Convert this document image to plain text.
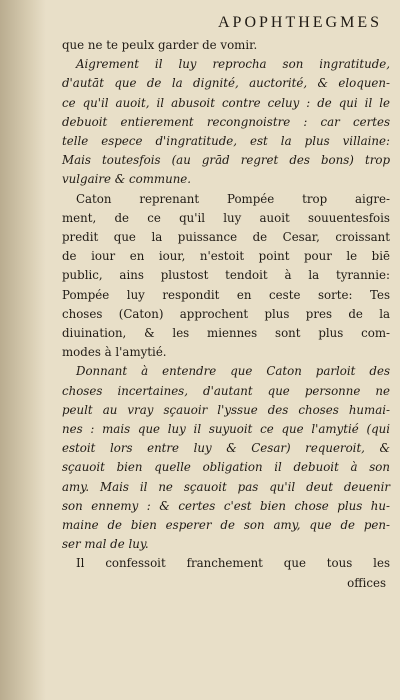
APOPHTHEGMES
que ne te peulx garder de vomir.
Aigrement il luy reprocha son ingratitude,
d'autāt que de la dignité, auctorité, & eloquen-
ce qu'il auoit, il abusoit contre celuy : de qui il le
debuoit entierement recongnoistre : car certes
telle espece d'ingratitude, est la plus villaine:
Mais toutesfois (au grād regret des bons) trop
vulgaire & commune.
Caton reprenant Pompée trop aigre-
ment, de ce qu'il luy auoit souuentesfois
predit que la puissance de Cesar, croissant
de iour en iour, n'estoit point pour le biē
public, ains plustost tendoit à la tyrannie:
Pompée luy respondit en ceste sorte: Tes
choses (Caton) approchent plus pres de la
diuination, & les miennes sont plus com-
modes à l'amytié.
Donnant à entendre que Caton parloit des
choses incertaines, d'autant que personne ne
peult au vray sçauoir l'yssue des choses humai-
nes : mais que luy il suyuoit ce que l'amytié (qui
estoit lors entre luy & Cesar) requeroit, &
sçauoit bien quelle obligation il debuoit à son
amy. Mais il ne sçauoit pas qu'il deut deuenir
son ennemy : & certes c'est bien chose plus hu-
maine de bien esperer de son amy, que de pen-
ser mal de luy.
Il confessoit franchement que tous les
offices
